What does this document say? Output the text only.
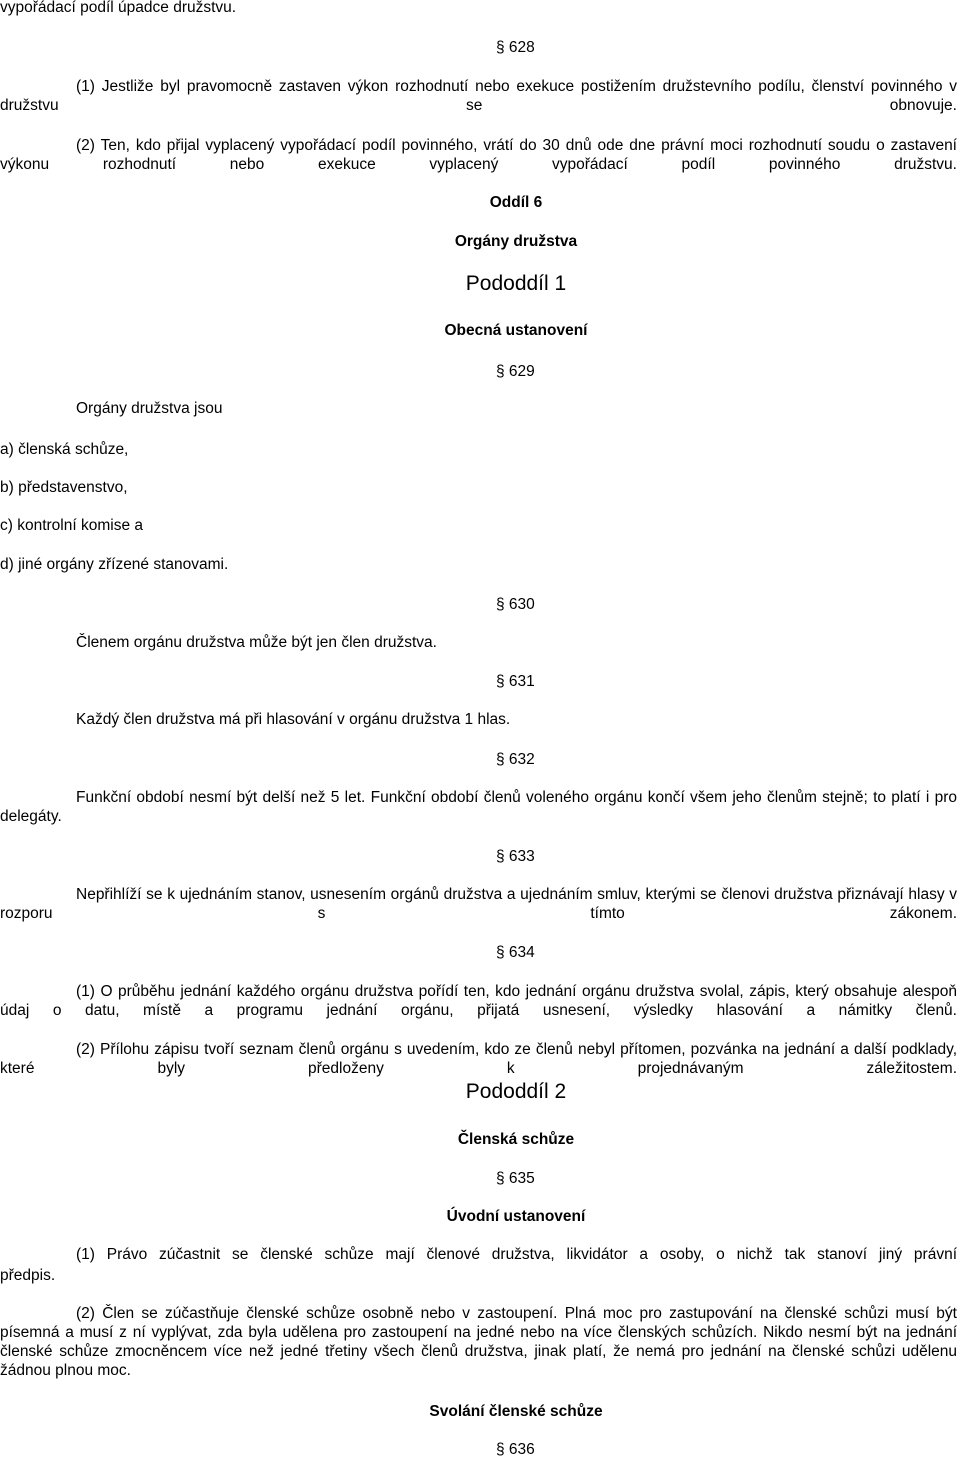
vypořádací podíl úpadce družstvu.
§ 628
(1) Jestliže byl pravomocně zastaven výkon rozhodnutí nebo exekuce postižením družstevního podílu, členství povinného v družstvu se obnovuje.
(2) Ten, kdo přijal vyplacený vypořádací podíl povinného, vrátí do 30 dnů ode dne právní moci rozhodnutí soudu o zastavení výkonu rozhodnutí nebo exekuce vyplacený vypořádací podíl povinného družstvu.
Oddíl 6
Orgány družstva
Pododdíl 1
Obecná ustanovení
§ 629
Orgány družstva jsou
a) členská schůze,
b) představenstvo,
c) kontrolní komise a
d) jiné orgány zřízené stanovami.
§ 630
Členem orgánu družstva může být jen člen družstva.
§ 631
Každý člen družstva má při hlasování v orgánu družstva 1 hlas.
§ 632
Funkční období nesmí být delší než 5 let. Funkční období členů voleného orgánu končí všem jeho členům stejně; to platí i pro delegáty.
§ 633
Nepřihlíží se k ujednáním stanov, usnesením orgánů družstva a ujednáním smluv, kterými se členovi družstva přiznávají hlasy v rozporu s tímto zákonem.
§ 634
(1) O průběhu jednání každého orgánu družstva pořídí ten, kdo jednání orgánu družstva svolal, zápis, který obsahuje alespoň údaj o datu, místě a programu jednání orgánu, přijatá usnesení, výsledky hlasování a námitky členů.
(2) Přílohu zápisu tvoří seznam členů orgánu s uvedením, kdo ze členů nebyl přítomen, pozvánka na jednání a další podklady, které byly předloženy k projednávaným záležitostem.
Pododdíl 2
Členská schůze
§ 635
Úvodní ustanovení
(1) Právo zúčastnit se členské schůze mají členové družstva, likvidátor a osoby, o nichž tak stanoví jiný právní
předpis.
(2) Člen se zúčastňuje členské schůze osobně nebo v zastoupení. Plná moc pro zastupování na členské schůzi musí být písemná a musí z ní vyplývat, zda byla udělena pro zastoupení na jedné nebo na více členských schůzích. Nikdo nesmí být na jednání členské schůze zmocněncem více než jedné třetiny všech členů družstva, jinak platí, že nemá pro jednání na členské schůzi udělenu žádnou plnou moc.
Svolání členské schůze
§ 636
